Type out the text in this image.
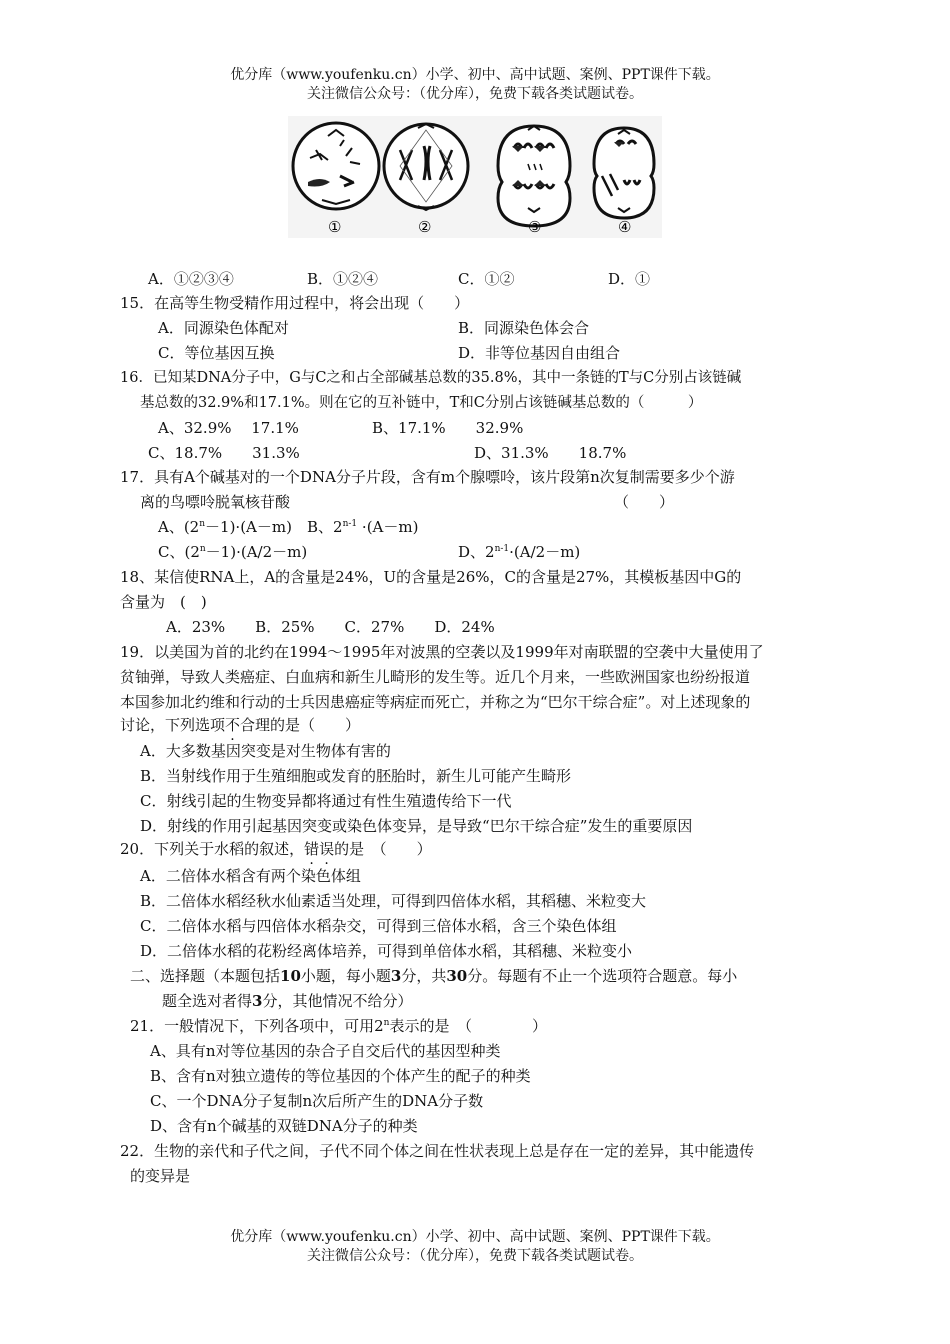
优分库（www.youfenku.cn）小学、初中、高中试题、案例、PPT课件下载。
关注微信公众号：（优分库），免费下载各类试题试卷。
①	②	③	④
A．①②③④	B．①②④	C．①②	D．①
15．在高等生物受精作用过程中，将会出现（　　）
A．同源染色体配对	B．同源染色体会合
C．等位基因互换	D．非等位基因自由组合
16．已知某DNA分子中，G与C之和占全部碱基总数的35.8%，其中一条链的T与C分别占该链碱
基总数的32.9%和17.1%。则在它的互补链中，T和C分别占该链碱基总数的（　　　）
A、32.9%　 17.1%	B、17.1%　　32.9%
C、18.7%　　31.3%	D、31.3%　　18.7%
17．具有A个碱基对的一个DNA分子片段，含有m个腺嘌呤，该片段第n次复制需要多少个游
离的鸟嘌呤脱氧核苷酸	（　　）
A、$(2^n-1)\cdot(A-m)$ B、$2^{n-1} \cdot(A-m)$
C、$(2^n-1)\cdot(A/2-m)$	D、$2^{n-1}\cdot(A/2-m)$
18、某信使RNA上，A的含量是24%，U的含量是26%，C的含量是27%，其模板基因中G的
含量为　(　)
A．23%　　B．25%　　C．27%　　D．24%
19．以美国为首的北约在1994～1995年对波黑的空袭以及1999年对南联盟的空袭中大量使用了
贫铀弹，导致人类癌症、白血病和新生儿畸形的发生等。近几个月来，一些欧洲国家也纷纷报道
本国参加北约维和行动的士兵因患癌症等病症而死亡，并称之为“巴尔干综合症”。对上述现象的
讨论，下列选项不合理的是（　　）
A．大多数基因突变是对生物体有害的
B．当射线作用于生殖细胞或发育的胚胎时，新生儿可能产生畸形
C．射线引起的生物变异都将通过有性生殖遗传给下一代
D．射线的作用引起基因突变或染色体变异，是导致“巴尔干综合症”发生的重要原因
20．下列关于水稻的叙述，错误的是　（　　）
A．二倍体水稻含有两个染色体组
B．二倍体水稻经秋水仙素适当处理，可得到四倍体水稻，其稻穗、米粒变大
C．二倍体水稻与四倍体水稻杂交，可得到三倍体水稻，含三个染色体组
D．二倍体水稻的花粉经离体培养，可得到单倍体水稻，其稻穗、米粒变小
二、选择题（本题包括10小题，每小题3分，共30分。每题有不止一个选项符合题意。每小
题全选对者得3分，其他情况不给分）
21．一般情况下，下列各项中，可用2$^n$表示的是　（　　　　）
A、具有n对等位基因的杂合子自交后代的基因型种类
B、含有n对独立遗传的等位基因的个体产生的配子的种类
C、一个DNA分子复制n次后所产生的DNA分子数
D、含有n个碱基的双链DNA分子的种类
22．生物的亲代和子代之间，子代不同个体之间在性状表现上总是存在一定的差异，其中能遗传
的变异是
优分库（www.youfenku.cn）小学、初中、高中试题、案例、PPT课件下载。
关注微信公众号：（优分库），免费下载各类试题试卷。
